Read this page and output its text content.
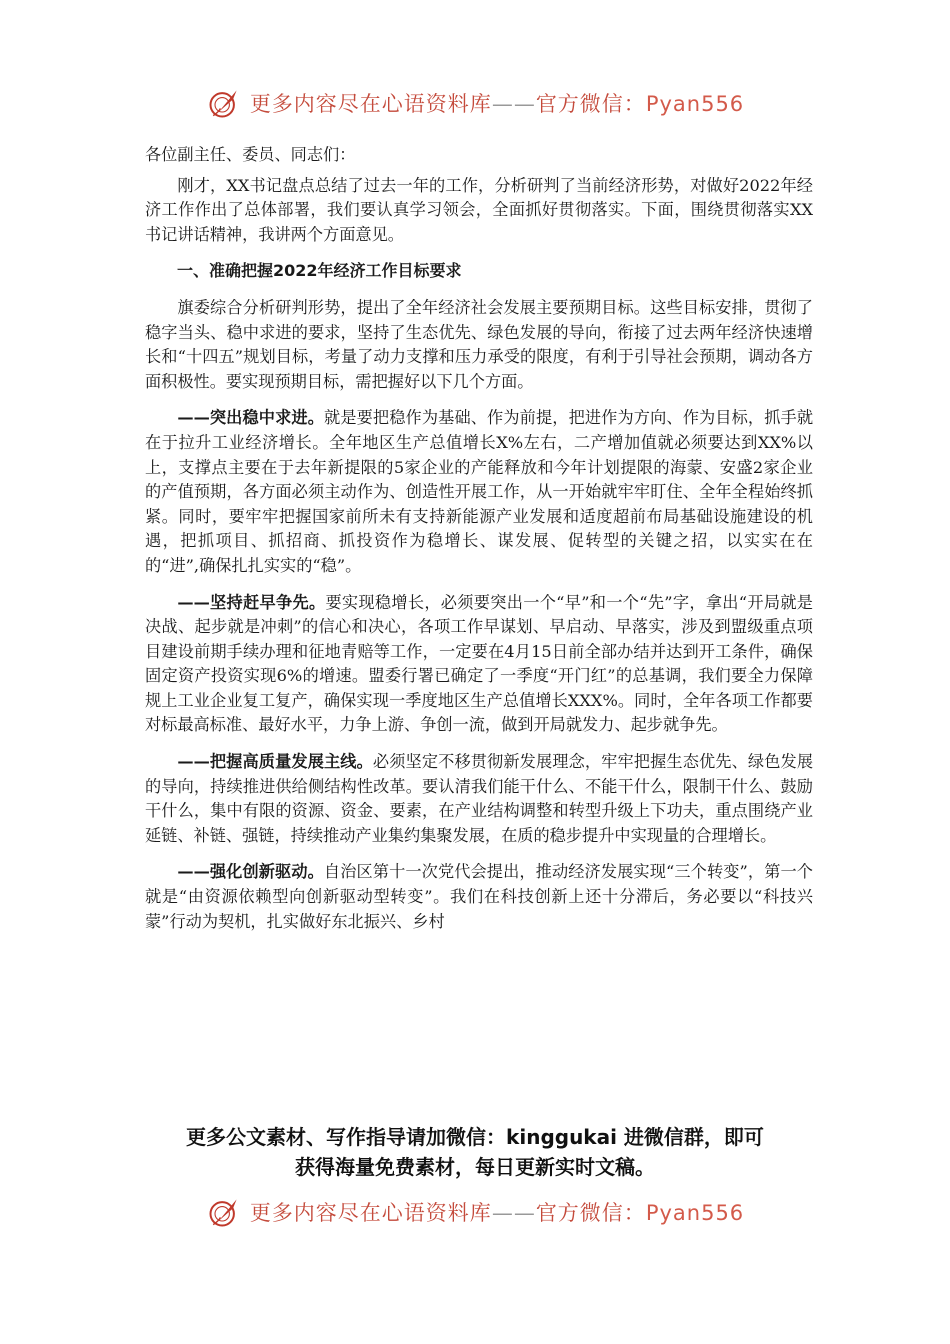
更多内容尽在心语资料库——官方微信：Pyan556

各位副主任、委员、同志们：

刚才，XX书记盘点总结了过去一年的工作，分析研判了当前经济形势，对做好2022年经济工作作出了总体部署，我们要认真学习领会，全面抓好贯彻落实。下面，围绕贯彻落实XX书记讲话精神，我讲两个方面意见。

一、准确把握2022年经济工作目标要求

旗委综合分析研判形势，提出了全年经济社会发展主要预期目标。这些目标安排，贯彻了稳字当头、稳中求进的要求，坚持了生态优先、绿色发展的导向，衔接了过去两年经济快速增长和“十四五”规划目标，考量了动力支撑和压力承受的限度，有利于引导社会预期，调动各方面积极性。要实现预期目标，需把握好以下几个方面。

——突出稳中求进。就是要把稳作为基础、作为前提，把进作为方向、作为目标，抓手就在于拉升工业经济增长。全年地区生产总值增长X%左右，二产增加值就必须要达到XX%以上，支撑点主要在于去年新提限的5家企业的产能释放和今年计划提限的海蒙、安盛2家企业的产值预期，各方面必须主动作为、创造性开展工作，从一开始就牢牢盯住、全年全程始终抓紧。同时，要牢牢把握国家前所未有支持新能源产业发展和适度超前布局基础设施建设的机遇，把抓项目、抓招商、抓投资作为稳增长、谋发展、促转型的关键之招，以实实在在的“进”,确保扎扎实实的“稳”。

——坚持赶早争先。要实现稳增长，必须要突出一个“早”和一个“先”字，拿出“开局就是决战、起步就是冲刺”的信心和决心，各项工作早谋划、早启动、早落实，涉及到盟级重点项目建设前期手续办理和征地青赔等工作，一定要在4月15日前全部办结并达到开工条件，确保固定资产投资实现6%的增速。盟委行署已确定了一季度“开门红”的总基调，我们要全力保障规上工业企业复工复产，确保实现一季度地区生产总值增长XXX%。同时，全年各项工作都要对标最高标准、最好水平，力争上游、争创一流，做到开局就发力、起步就争先。

——把握高质量发展主线。必须坚定不移贯彻新发展理念，牢牢把握生态优先、绿色发展的导向，持续推进供给侧结构性改革。要认清我们能干什么、不能干什么，限制干什么、鼓励干什么，集中有限的资源、资金、要素，在产业结构调整和转型升级上下功夫，重点围绕产业延链、补链、强链，持续推动产业集约集聚发展，在质的稳步提升中实现量的合理增长。

——强化创新驱动。自治区第十一次党代会提出，推动经济发展实现“三个转变”，第一个就是“由资源依赖型向创新驱动型转变”。我们在科技创新上还十分滞后，务必要以“科技兴蒙”行动为契机，扎实做好东北振兴、乡村

更多公文素材、写作指导请加微信：kinggukai 进微信群，即可
获得海量免费素材，每日更新实时文稿。
更多内容尽在心语资料库——官方微信：Pyan556
